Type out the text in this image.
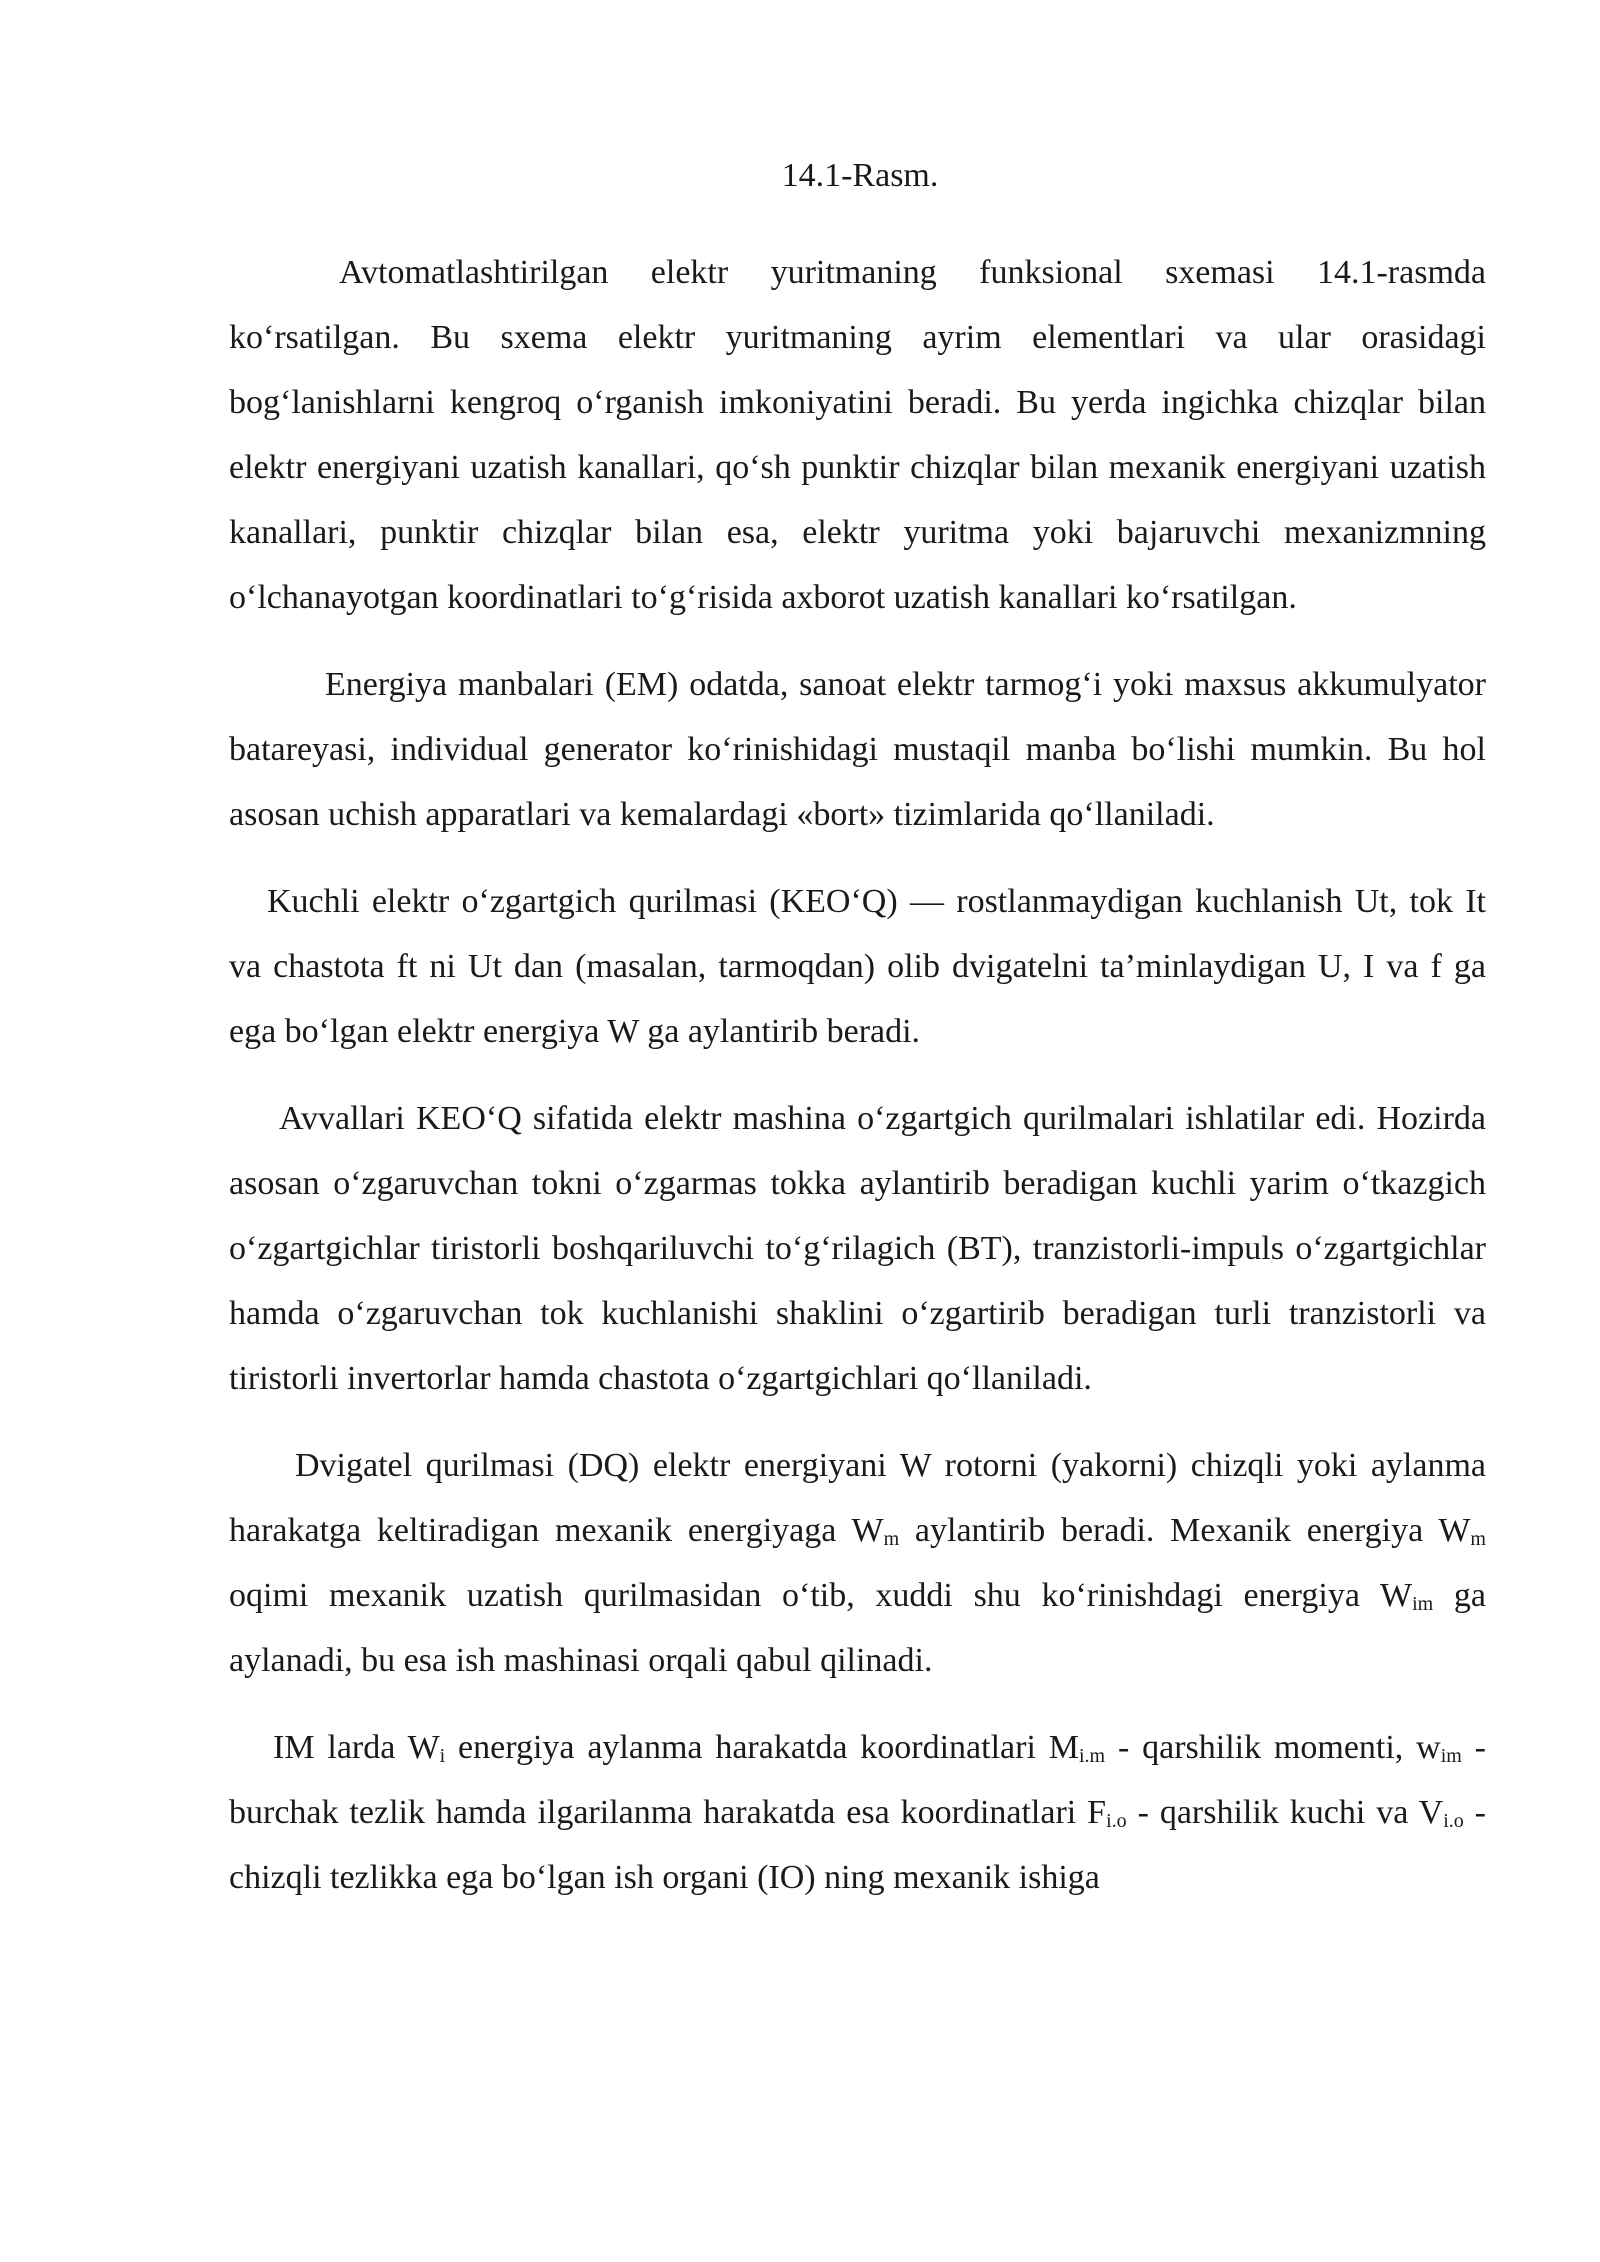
14.1-Rasm.

Avtomatlashtirilgan elektr yuritmaning funksional sxemasi 14.1-rasmda ko‘rsatilgan. Bu sxema elektr yuritmaning ayrim elementlari va ular orasidagi bog‘lanishlarni kengroq o‘rganish imkoniyatini beradi. Bu yerda ingichka chizqlar bilan elektr energiyani uzatish kanallari, qo‘sh punktir chizqlar bilan mexanik energiyani uzatish kanallari, punktir chizqlar bilan esa, elektr yuritma yoki bajaruvchi mexanizmning o‘lchanayotgan koordinatlari to‘g‘risida axborot uzatish kanallari ko‘rsatilgan.

Energiya manbalari (EM) odatda, sanoat elektr tarmog‘i yoki maxsus akkumulyator batareyasi, individual generator ko‘rinishidagi mustaqil manba bo‘lishi mumkin. Bu hol asosan uchish apparatlari va kemalardagi «bort» tizimlarida qo‘llaniladi.

Kuchli elektr o‘zgartgich qurilmasi (KEO‘Q) — rostlanmaydigan kuchlanish Ut, tok It va chastota ft ni Ut dan (masalan, tarmoqdan) olib dvigatelni ta’minlaydigan U, I va f ga ega bo‘lgan elektr energiya W ga aylantirib beradi.

Avvallari KEO‘Q sifatida elektr mashina o‘zgartgich qurilmalari ishlatilar edi. Hozirda asosan o‘zgaruvchan tokni o‘zgarmas tokka aylantirib beradigan kuchli yarim o‘tkazgich o‘zgartgichlar tiristorli boshqariluvchi to‘g‘rilagich (BT), tranzistorli-impuls o‘zgartgichlar hamda o‘zgaruvchan tok kuchlanishi shaklini o‘zgartirib beradigan turli tranzistorli va tiristorli invertorlar hamda chastota o‘zgartgichlari qo‘llaniladi.

Dvigatel qurilmasi (DQ) elektr energiyani W rotorni (yakorni) chizqli yoki aylanma harakatga keltiradigan mexanik energiyaga $W_m$ aylantirib beradi. Mexanik energiya $W_m$ oqimi mexanik uzatish qurilmasidan o‘tib, xuddi shu ko‘rinishdagi energiya $W_{im}$ ga aylanadi, bu esa ish mashinasi orqali qabul qilinadi.

IM larda $W_i$ energiya aylanma harakatda koordinatlari $M_{i.m}$ - qarshilik momenti, $w_{im}$ - burchak tezlik hamda ilgarilanma harakatda esa koordinatlari $F_{i.o}$ - qarshilik kuchi va $V_{i.o}$ - chizqli tezlikka ega bo‘lgan ish organi (IO) ning mexanik ishiga
